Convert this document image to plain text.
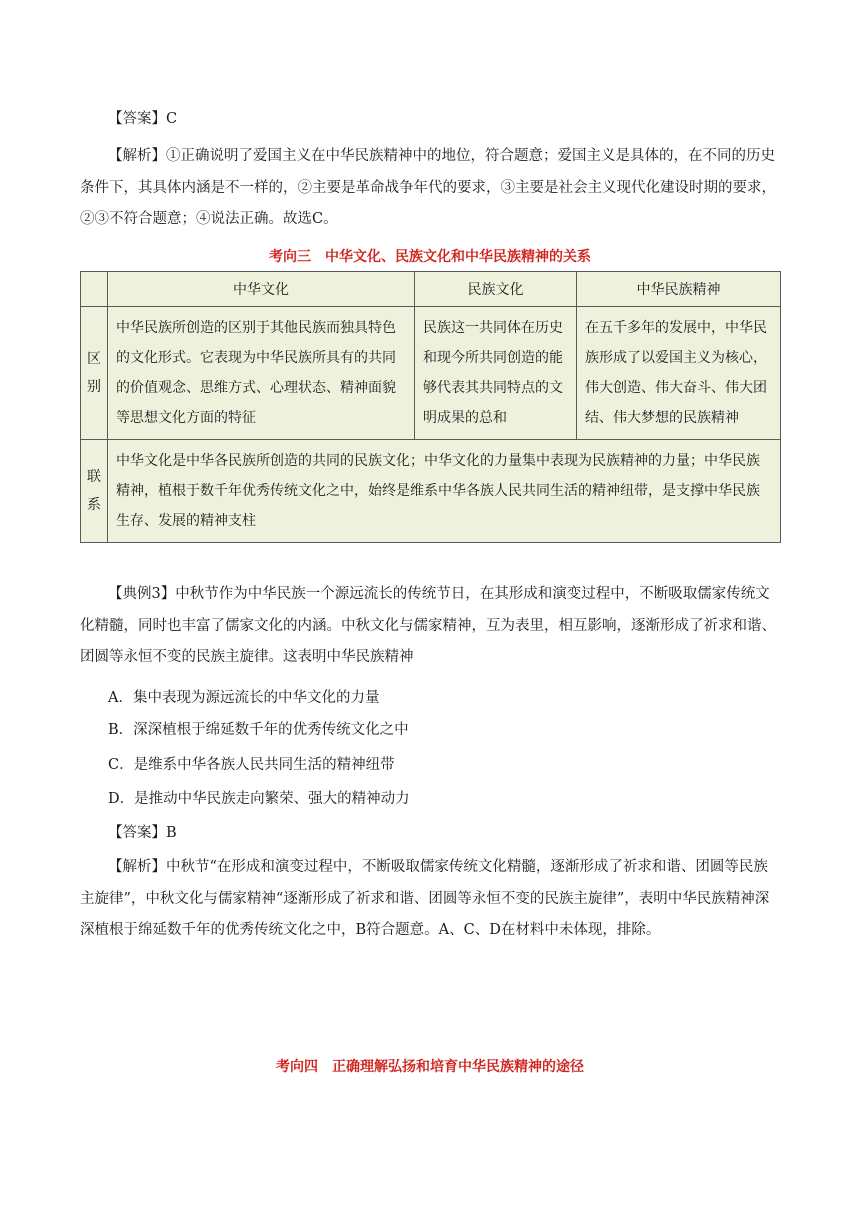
【答案】C

【解析】①正确说明了爱国主义在中华民族精神中的地位，符合题意；爱国主义是具体的，在不同的历史条件下，其具体内涵是不一样的，②主要是革命战争年代的要求，③主要是社会主义现代化建设时期的要求，②③不符合题意；④说法正确。故选C。

考向三　中华文化、民族文化和中华民族精神的关系
	中华文化	民族文化	中华民族精神
区别	中华民族所创造的区别于其他民族而独具特色的文化形式。它表现为中华民族所具有的共同的价值观念、思维方式、心理状态、精神面貌等思想文化方面的特征	民族这一共同体在历史和现今所共同创造的能够代表其共同特点的文明成果的总和	在五千多年的发展中，中华民族形成了以爱国主义为核心，伟大创造、伟大奋斗、伟大团结、伟大梦想的民族精神
联系	中华文化是中华各民族所创造的共同的民族文化；中华文化的力量集中表现为民族精神的力量；中华民族精神，植根于数千年优秀传统文化之中，始终是维系中华各族人民共同生活的精神纽带，是支撑中华民族生存、发展的精神支柱		

【典例3】中秋节作为中华民族一个源远流长的传统节日，在其形成和演变过程中，不断吸取儒家传统文化精髓，同时也丰富了儒家文化的内涵。中秋文化与儒家精神，互为表里，相互影响，逐渐形成了祈求和谐、团圆等永恒不变的民族主旋律。这表明中华民族精神

A．集中表现为源远流长的中华文化的力量
B．深深植根于绵延数千年的优秀传统文化之中
C．是维系中华各族人民共同生活的精神纽带
D．是推动中华民族走向繁荣、强大的精神动力

【答案】B

【解析】中秋节“在形成和演变过程中，不断吸取儒家传统文化精髓，逐渐形成了祈求和谐、团圆等民族主旋律”，中秋文化与儒家精神“逐渐形成了祈求和谐、团圆等永恒不变的民族主旋律”，表明中华民族精神深深植根于绵延数千年的优秀传统文化之中，B符合题意。A、C、D在材料中未体现，排除。

考向四　正确理解弘扬和培育中华民族精神的途径
